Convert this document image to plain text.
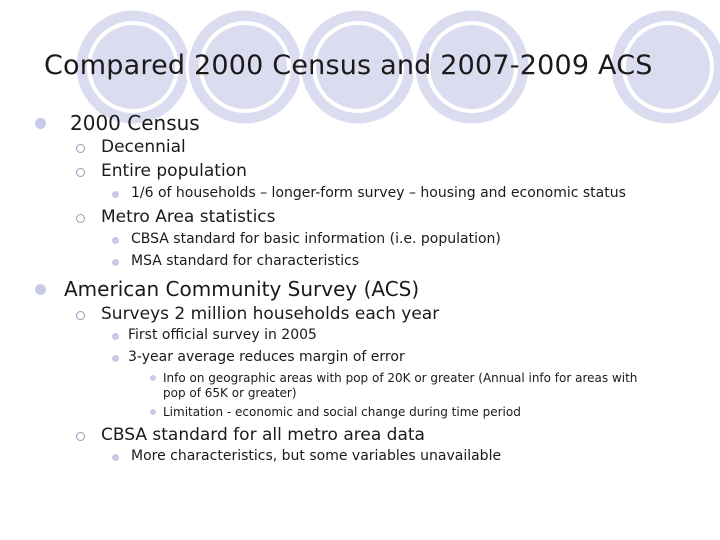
Compared 2000 Census and 2007-2009 ACS
2000 Census
Decennial
Entire population
1/6 of households – longer-form survey – housing and economic status
Metro Area statistics
CBSA standard for basic information (i.e. population)
MSA standard for characteristics
American Community Survey (ACS)
Surveys 2 million households each year
First official survey in 2005
3-year average reduces margin of error
Info on geographic areas with pop of 20K or greater (Annual info for areas with pop of 65K or greater)
Limitation - economic and social change during time period
CBSA standard for all metro area data
More characteristics, but some variables unavailable
